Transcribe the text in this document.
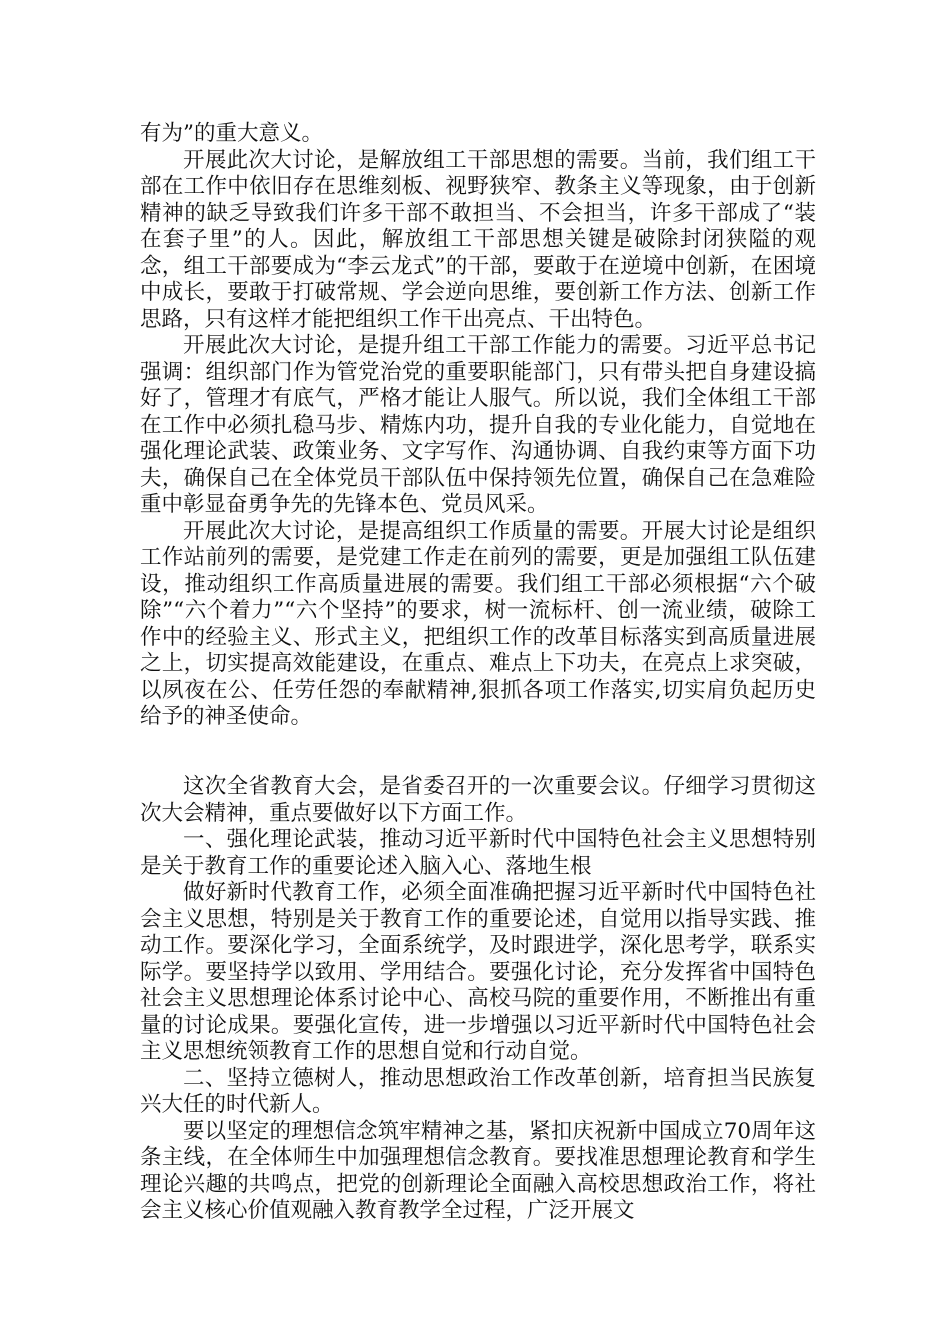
有为”的重大意义。

开展此次大讨论，是解放组工干部思想的需要。当前，我们组工干部在工作中依旧存在思维刻板、视野狭窄、教条主义等现象，由于创新精神的缺乏导致我们许多干部不敢担当、不会担当，许多干部成了“装在套子里”的人。因此，解放组工干部思想关键是破除封闭狭隘的观念，组工干部要成为“李云龙式”的干部，要敢于在逆境中创新，在困境中成长，要敢于打破常规、学会逆向思维，要创新工作方法、创新工作思路，只有这样才能把组织工作干出亮点、干出特色。

开展此次大讨论，是提升组工干部工作能力的需要。习近平总书记强调：组织部门作为管党治党的重要职能部门，只有带头把自身建设搞好了，管理才有底气，严格才能让人服气。所以说，我们全体组工干部在工作中必须扎稳马步、精炼内功，提升自我的专业化能力，自觉地在强化理论武装、政策业务、文字写作、沟通协调、自我约束等方面下功夫，确保自己在全体党员干部队伍中保持领先位置，确保自己在急难险重中彰显奋勇争先的先锋本色、党员风采。

开展此次大讨论，是提高组织工作质量的需要。开展大讨论是组织工作站前列的需要，是党建工作走在前列的需要，更是加强组工队伍建设，推动组织工作高质量进展的需要。我们组工干部必须根据“六个破除”“六个着力”“六个坚持”的要求，树一流标杆、创一流业绩，破除工作中的经验主义、形式主义，把组织工作的改革目标落实到高质量进展之上，切实提高效能建设，在重点、难点上下功夫，在亮点上求突破，以夙夜在公、任劳任怨的奉献精神,狠抓各项工作落实,切实肩负起历史给予的神圣使命。

这次全省教育大会，是省委召开的一次重要会议。仔细学习贯彻这次大会精神，重点要做好以下方面工作。

一、强化理论武装，推动习近平新时代中国特色社会主义思想特别是关于教育工作的重要论述入脑入心、落地生根

做好新时代教育工作，必须全面准确把握习近平新时代中国特色社会主义思想，特别是关于教育工作的重要论述，自觉用以指导实践、推动工作。要深化学习，全面系统学，及时跟进学，深化思考学，联系实际学。要坚持学以致用、学用结合。要强化讨论，充分发挥省中国特色社会主义思想理论体系讨论中心、高校马院的重要作用，不断推出有重量的讨论成果。要强化宣传，进一步增强以习近平新时代中国特色社会主义思想统领教育工作的思想自觉和行动自觉。

二、坚持立德树人，推动思想政治工作改革创新，培育担当民族复兴大任的时代新人。

要以坚定的理想信念筑牢精神之基，紧扣庆祝新中国成立70周年这条主线，在全体师生中加强理想信念教育。要找准思想理论教育和学生理论兴趣的共鸣点，把党的创新理论全面融入高校思想政治工作，将社会主义核心价值观融入教育教学全过程，广泛开展文
